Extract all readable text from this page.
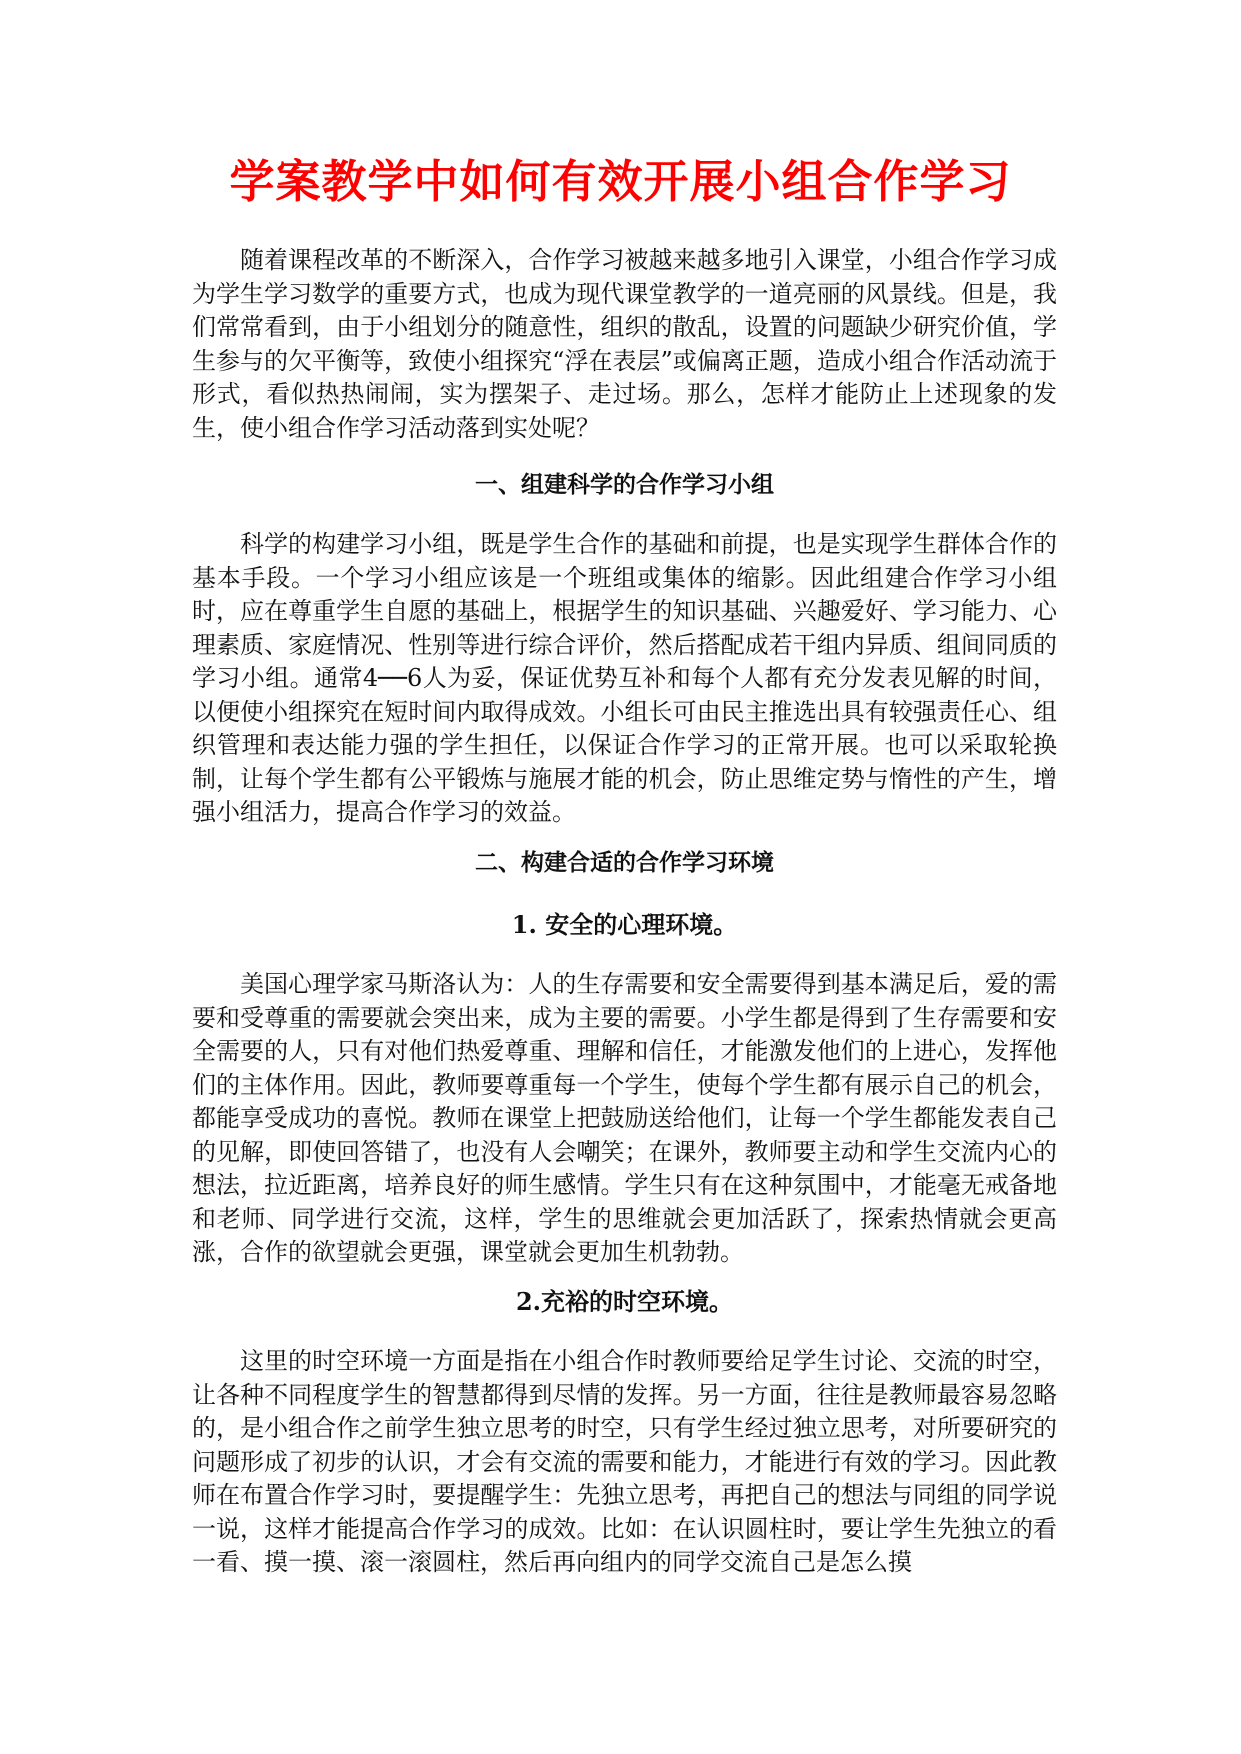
学案教学中如何有效开展小组合作学习

随着课程改革的不断深入，合作学习被越来越多地引入课堂，小组合作学习成为学生学习数学的重要方式，也成为现代课堂教学的一道亮丽的风景线。但是，我们常常看到，由于小组划分的随意性，组织的散乱，设置的问题缺少研究价值，学生参与的欠平衡等，致使小组探究“浮在表层”或偏离正题，造成小组合作活动流于形式，看似热热闹闹，实为摆架子、走过场。那么，怎样才能防止上述现象的发生，使小组合作学习活动落到实处呢？

一、组建科学的合作学习小组

科学的构建学习小组，既是学生合作的基础和前提，也是实现学生群体合作的基本手段。一个学习小组应该是一个班组或集体的缩影。因此组建合作学习小组时，应在尊重学生自愿的基础上，根据学生的知识基础、兴趣爱好、学习能力、心理素质、家庭情况、性别等进行综合评价，然后搭配成若干组内异质、组间同质的学习小组。通常4──6人为妥，保证优势互补和每个人都有充分发表见解的时间，以便使小组探究在短时间内取得成效。小组长可由民主推选出具有较强责任心、组织管理和表达能力强的学生担任，以保证合作学习的正常开展。也可以采取轮换制，让每个学生都有公平锻炼与施展才能的机会，防止思维定势与惰性的产生，增强小组活力，提高合作学习的效益。

二、构建合适的合作学习环境
1. 安全的心理环境。

美国心理学家马斯洛认为：人的生存需要和安全需要得到基本满足后，爱的需要和受尊重的需要就会突出来，成为主要的需要。小学生都是得到了生存需要和安全需要的人，只有对他们热爱尊重、理解和信任，才能激发他们的上进心，发挥他们的主体作用。因此，教师要尊重每一个学生，使每个学生都有展示自己的机会，都能享受成功的喜悦。教师在课堂上把鼓励送给他们，让每一个学生都能发表自己的见解，即使回答错了，也没有人会嘲笑；在课外，教师要主动和学生交流内心的想法，拉近距离，培养良好的师生感情。学生只有在这种氛围中，才能毫无戒备地和老师、同学进行交流，这样，学生的思维就会更加活跃了，探索热情就会更高涨，合作的欲望就会更强，课堂就会更加生机勃勃。

2.充裕的时空环境。

这里的时空环境一方面是指在小组合作时教师要给足学生讨论、交流的时空，让各种不同程度学生的智慧都得到尽情的发挥。另一方面，往往是教师最容易忽略的，是小组合作之前学生独立思考的时空，只有学生经过独立思考，对所要研究的问题形成了初步的认识，才会有交流的需要和能力，才能进行有效的学习。因此教师在布置合作学习时，要提醒学生：先独立思考，再把自己的想法与同组的同学说一说，这样才能提高合作学习的成效。比如：在认识圆柱时，要让学生先独立的看一看、摸一摸、滚一滚圆柱，然后再向组内的同学交流自己是怎么摸
